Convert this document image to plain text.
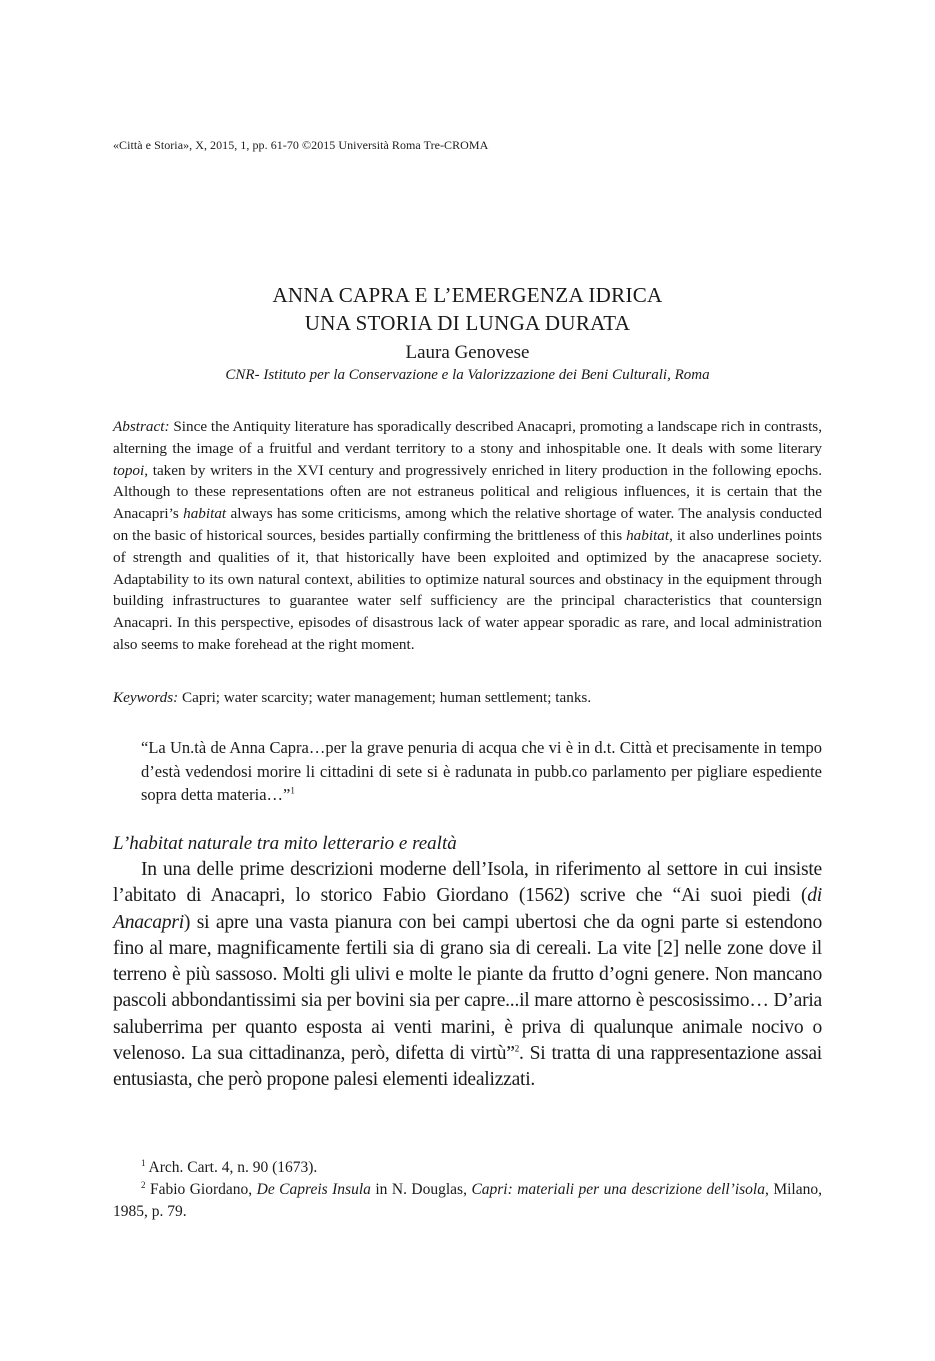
«Città e Storia», X, 2015, 1, pp. 61-70 ©2015 Università Roma Tre-CROMA
ANNA CAPRA E L’EMERGENZA IDRICA
UNA STORIA DI LUNGA DURATA
Laura Genovese
CNR- Istituto per la Conservazione e la Valorizzazione dei Beni Culturali, Roma
Abstract: Since the Antiquity literature has sporadically described Anacapri, promoting a landscape rich in contrasts, alterning the image of a fruitful and verdant territory to a stony and inhospitable one. It deals with some literary topoi, taken by writers in the XVI century and progressively enriched in litery production in the following epochs. Although to these representations often are not estraneus political and religious influences, it is certain that the Anacapri’s habitat always has some criticisms, among which the relative shortage of water. The analysis conducted on the basic of historical sources, besides partially confirming the brittleness of this habitat, it also underlines points of strength and qualities of it, that historically have been exploited and optimized by the anacaprese society. Adaptability to its own natural context, abilities to optimize natural sources and obstinacy in the equipment through building infrastructures to guarantee water self sufficiency are the principal characteristics that countersign Anacapri. In this perspective, episodes of disastrous lack of water appear sporadic as rare, and local administration also seems to make forehead at the right moment.
Keywords: Capri; water scarcity; water management; human settlement; tanks.
“La Un.tà de Anna Capra…per la grave penuria di acqua che vi è in d.t. Città et precisamente in tempo d’està vedendosi morire li cittadini di sete si è radunata in pubb.co parlamento per pigliare espediente sopra detta materia…”$^1$
L’habitat naturale tra mito letterario e realtà
In una delle prime descrizioni moderne dell’Isola, in riferimento al settore in cui insiste l’abitato di Anacapri, lo storico Fabio Giordano (1562) scrive che “Ai suoi piedi (di Anacapri) si apre una vasta pianura con bei campi ubertosi che da ogni parte si estendono fino al mare, magnificamente fertili sia di grano sia di cereali. La vite [2] nelle zone dove il terreno è più sassoso. Molti gli ulivi e molte le piante da frutto d’ogni genere. Non mancano pascoli abbondantissimi sia per bovini sia per capre...il mare attorno è pescosissimo… D’aria saluberrima per quanto esposta ai venti marini, è priva di qualunque animale nocivo o velenoso. La sua cittadinanza, però, difetta di virtù”$^2$. Si tratta di una rappresentazione assai entusiasta, che però propone palesi elementi idealizzati.
$^1$ Arch. Cart. 4, n. 90 (1673).
$^2$ Fabio Giordano, De Capreis Insula in N. Douglas, Capri: materiali per una descrizione dell’isola, Milano, 1985, p. 79.
